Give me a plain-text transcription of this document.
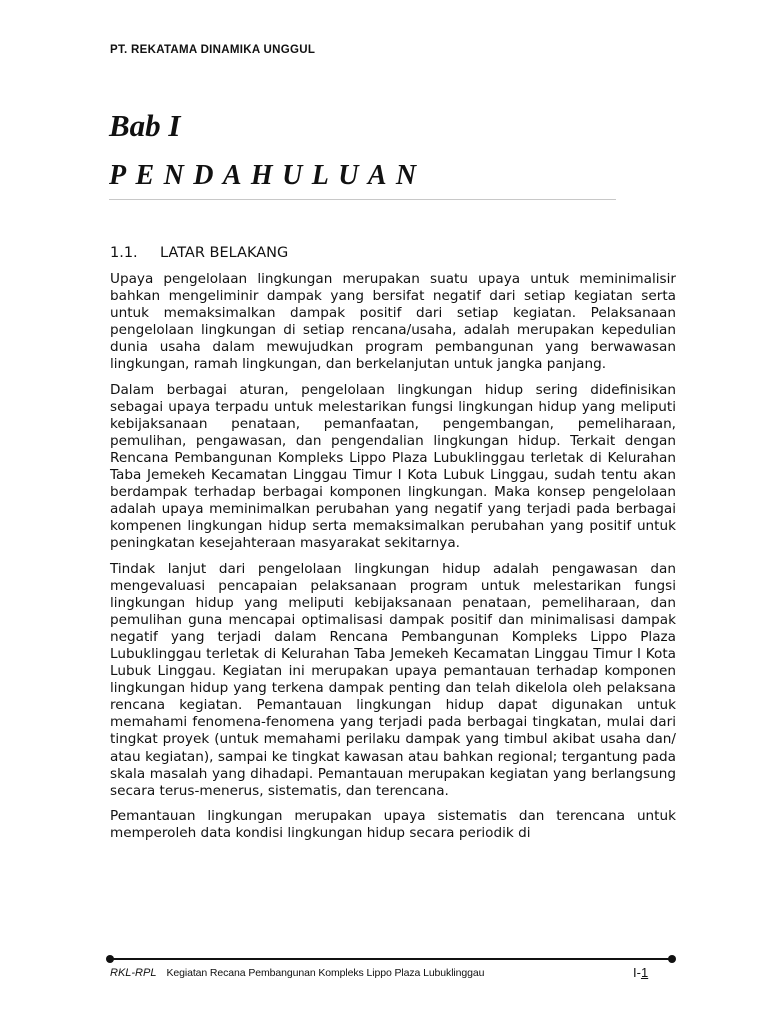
PT. REKATAMA DINAMIKA UNGGUL
Bab I
PENDAHULUAN
1.1. LATAR BELAKANG

Upaya pengelolaan lingkungan merupakan suatu upaya untuk meminimalisir bahkan mengeliminir dampak yang bersifat negatif dari setiap kegiatan serta untuk memaksimalkan dampak positif dari setiap kegiatan. Pelaksanaan pengelolaan lingkungan di setiap rencana/usaha, adalah merupakan kepedulian dunia usaha dalam mewujudkan program pembangunan yang berwawasan lingkungan, ramah lingkungan, dan berkelanjutan untuk jangka panjang.

Dalam berbagai aturan, pengelolaan lingkungan hidup sering didefinisikan sebagai upaya terpadu untuk melestarikan fungsi lingkungan hidup yang meliputi kebijaksanaan penataan, pemanfaatan, pengembangan, pemeliharaan, pemulihan, pengawasan, dan pengendalian lingkungan hidup. Terkait dengan Rencana Pembangunan Kompleks Lippo Plaza Lubuklinggau terletak di Kelurahan Taba Jemekeh Kecamatan Linggau Timur I Kota Lubuk Linggau, sudah tentu akan berdampak terhadap berbagai komponen lingkungan. Maka konsep pengelolaan adalah upaya meminimalkan perubahan yang negatif yang terjadi pada berbagai kompenen lingkungan hidup serta memaksimalkan perubahan yang positif untuk peningkatan kesejahteraan masyarakat sekitarnya.

Tindak lanjut dari pengelolaan lingkungan hidup adalah pengawasan dan mengevaluasi pencapaian pelaksanaan program untuk melestarikan fungsi lingkungan hidup yang meliputi kebijaksanaan penataan, pemeliharaan, dan pemulihan guna mencapai optimalisasi dampak positif dan minimalisasi dampak negatif yang terjadi dalam Rencana Pembangunan Kompleks Lippo Plaza Lubuklinggau terletak di Kelurahan Taba Jemekeh Kecamatan Linggau Timur I Kota Lubuk Linggau. Kegiatan ini merupakan upaya pemantauan terhadap komponen lingkungan hidup yang terkena dampak penting dan telah dikelola oleh pelaksana rencana kegiatan. Pemantauan lingkungan hidup dapat digunakan untuk memahami fenomena-fenomena yang terjadi pada berbagai tingkatan, mulai dari tingkat proyek (untuk memahami perilaku dampak yang timbul akibat usaha dan/ atau kegiatan), sampai ke tingkat kawasan atau bahkan regional; tergantung pada skala masalah yang dihadapi. Pemantauan merupakan kegiatan yang berlangsung secara terus-menerus, sistematis, dan terencana.

Pemantauan lingkungan merupakan upaya sistematis dan terencana untuk memperoleh data kondisi lingkungan hidup secara periodik di

RKL-RPL Kegiatan Recana Pembangunan Kompleks Lippo Plaza Lubuklinggau	I-1
